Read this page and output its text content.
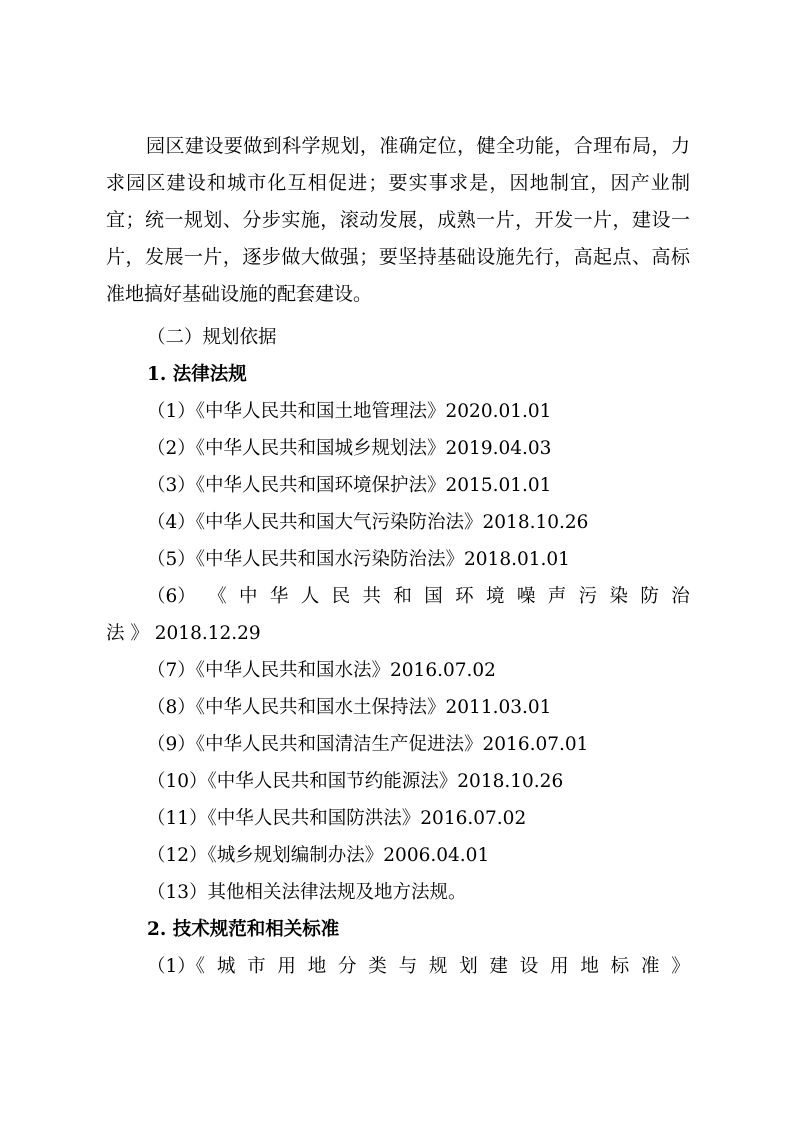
园区建设要做到科学规划，准确定位，健全功能，合理布局，力求园区建设和城市化互相促进；要实事求是，因地制宜，因产业制宜；统一规划、分步实施，滚动发展，成熟一片，开发一片，建设一片，发展一片，逐步做大做强；要坚持基础设施先行，高起点、高标准地搞好基础设施的配套建设。
（二）规划依据
1. 法律法规
（1）《中华人民共和国土地管理法》2020.01.01
（2）《中华人民共和国城乡规划法》2019.04.03
（3）《中华人民共和国环境保护法》2015.01.01
（4）《中华人民共和国大气污染防治法》2018.10.26
（5）《中华人民共和国水污染防治法》2018.01.01
（6） 《 中 华 人 民 共 和 国 环 境 噪 声 污 染 防 治
法 》 2018.12.29
（7）《中华人民共和国水法》2016.07.02
（8）《中华人民共和国水土保持法》2011.03.01
（9）《中华人民共和国清洁生产促进法》2016.07.01
（10）《中华人民共和国节约能源法》2018.10.26
（11）《中华人民共和国防洪法》2016.07.02
（12）《城乡规划编制办法》2006.04.01
（13）其他相关法律法规及地方法规。
2. 技术规范和相关标准
（1）《 城 市 用 地 分 类 与 规 划 建 设 用 地 标 准 》
